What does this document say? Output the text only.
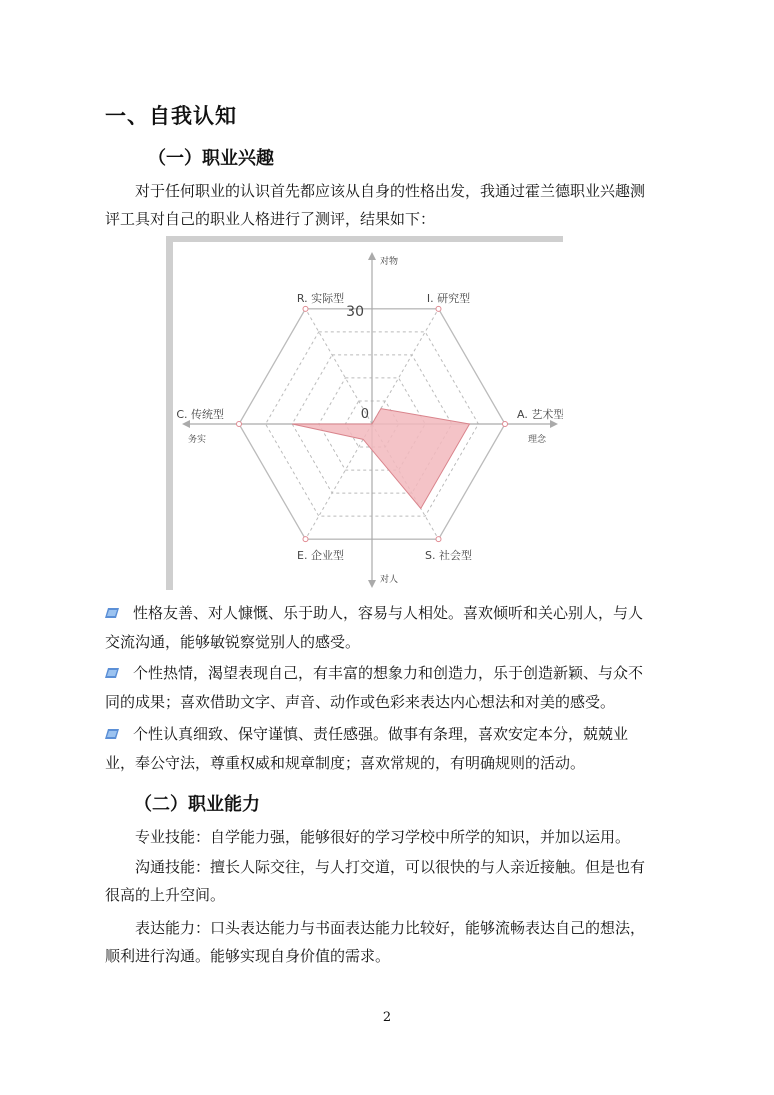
一、自我认知
（一）职业兴趣
对于任何职业的认识首先都应该从自身的性格出发，我通过霍兰德职业兴趣测
评工具对自己的职业人格进行了测评，结果如下：
R. 实际型	I. 研究型
A. 艺术型
S. 社会型
E. 企业型
C. 传统型
对物
对人
务实	理念
30
0
性格友善、对人慷慨、乐于助人，容易与人相处。喜欢倾听和关心别人，与人
交流沟通，能够敏锐察觉别人的感受。
个性热情，渴望表现自己，有丰富的想象力和创造力，乐于创造新颖、与众不
同的成果；喜欢借助文字、声音、动作或色彩来表达内心想法和对美的感受。
个性认真细致、保守谨慎、责任感强。做事有条理，喜欢安定本分，兢兢业
业，奉公守法，尊重权威和规章制度；喜欢常规的，有明确规则的活动。
（二）职业能力
专业技能：自学能力强，能够很好的学习学校中所学的知识，并加以运用。
沟通技能：擅长人际交往，与人打交道，可以很快的与人亲近接触。但是也有
很高的上升空间。
表达能力：口头表达能力与书面表达能力比较好，能够流畅表达自己的想法，
顺利进行沟通。能够实现自身价值的需求。
2
